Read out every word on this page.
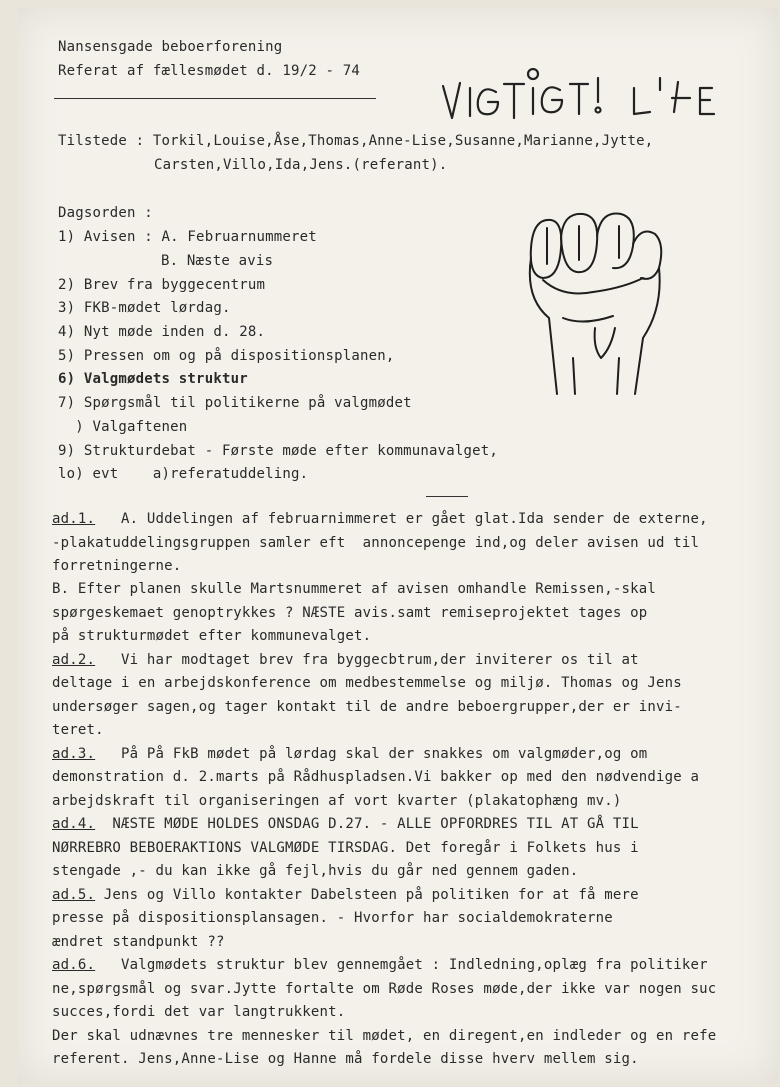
Nansensgade beboerforening
Referat af fællesmødet d. 19/2 - 74
Tilstede : Torkil,Louise,Åse,Thomas,Anne-Lise,Susanne,Marianne,Jytte,
Carsten,Villo,Ida,Jens.(referant).
Dagsorden :
1) Avisen : A. Februarnummeret
B. Næste avis
2) Brev fra byggecentrum
3) FKB-mødet lørdag.
4) Nyt møde inden d. 28.
5) Pressen om og på dispositionsplanen,
6) Valgmødets struktur
7) Spørgsmål til politikerne på valgmødet
) Valgaftenen
9) Strukturdebat - Første møde efter kommunavalget,
lo) evt    a)referatuddeling.
ad.1.   A. Uddelingen af februarnimmeret er gået glat.Ida sender de externe,
-plakatuddelingsgruppen samler eft  annoncepenge ind,og deler avisen ud til
forretningerne.
B. Efter planen skulle Martsnummeret af avisen omhandle Remissen,-skal
spørgeskemaet genoptrykkes ? NÆSTE avis.samt remiseprojektet tages op
på strukturmødet efter kommunevalget.
ad.2.   Vi har modtaget brev fra byggecbtrum,der inviterer os til at
deltage i en arbejdskonference om medbestemmelse og miljø. Thomas og Jens
undersøger sagen,og tager kontakt til de andre beboergrupper,der er invi-
teret.
ad.3.   På På FkB mødet på lørdag skal der snakkes om valgmøder,og om
demonstration d. 2.marts på Rådhuspladsen.Vi bakker op med den nødvendige a
arbejdskraft til organiseringen af vort kvarter (plakatophæng mv.)
ad.4.  NÆSTE MØDE HOLDES ONSDAG D.27. - ALLE OPFORDRES TIL AT GÅ TIL
NØRREBRO BEBOERAKTIONS VALGMØDE TIRSDAG. Det foregår i Folkets hus i
stengade ,- du kan ikke gå fejl,hvis du går ned gennem gaden.
ad.5. Jens og Villo kontakter Dabelsteen på politiken for at få mere
presse på dispositionsplansagen. - Hvorfor har socialdemokraterne
ændret standpunkt ??
ad.6.   Valgmødets struktur blev gennemgået : Indledning,oplæg fra politiker
ne,spørgsmål og svar.Jytte fortalte om Røde Roses møde,der ikke var nogen suc
succes,fordi det var langtrukkent.
Der skal udnævnes tre mennesker til mødet, en diregent,en indleder og en refe
referent. Jens,Anne-Lise og Hanne må fordele disse hverv mellem sig.
